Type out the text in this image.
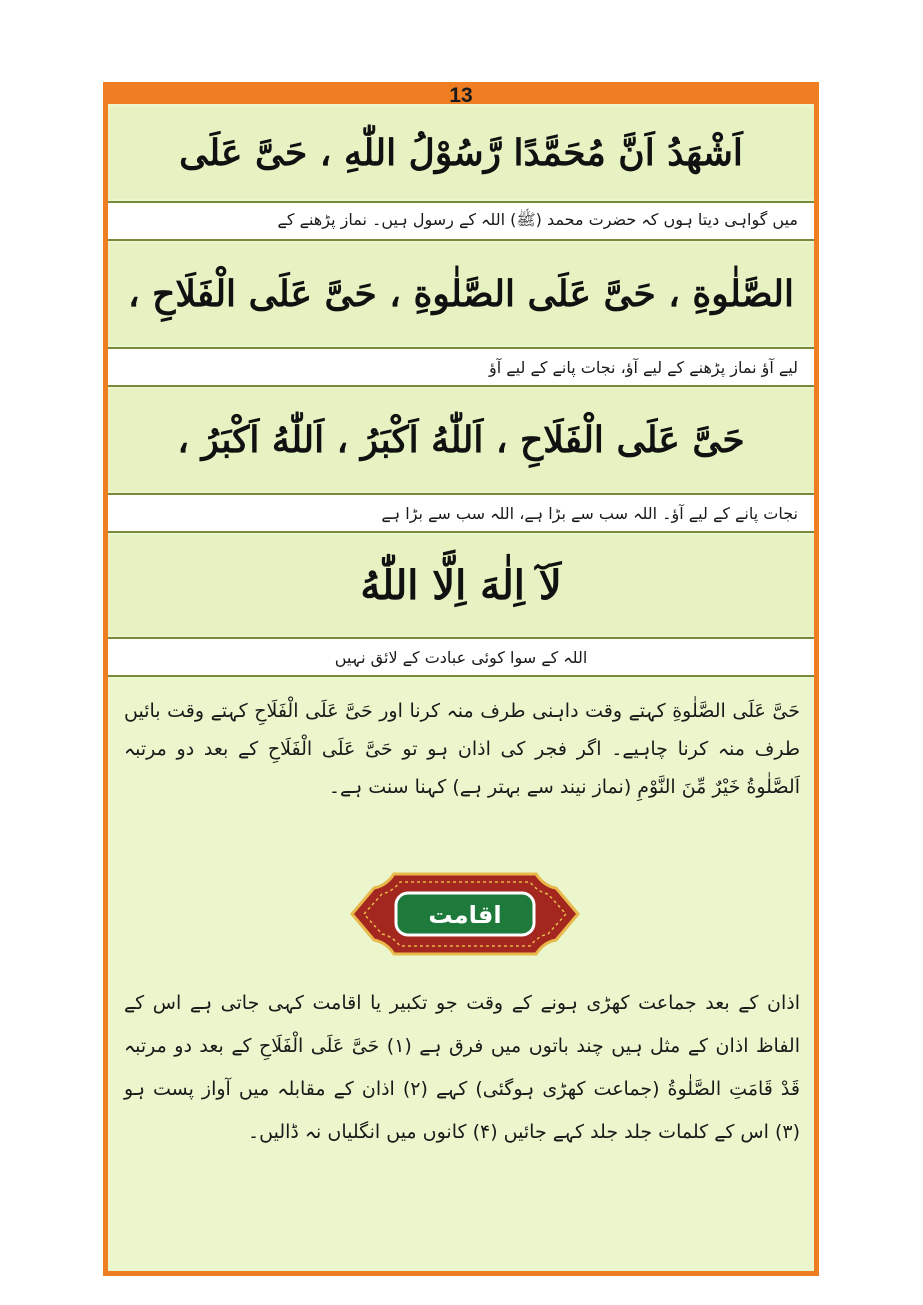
13
اَشْهَدُ اَنَّ مُحَمَّدًا رَّسُوْلُ اللّٰهِ ، حَیَّ عَلَی
میں گواہی دیتا ہوں کہ حضرت محمد (ﷺ) اللہ کے رسول ہیں۔ نماز پڑھنے کے
الصَّلٰوةِ ، حَیَّ عَلَی الصَّلٰوةِ ، حَیَّ عَلَی الْفَلَاحِ ،
لیے آؤ نماز پڑھنے کے لیے آؤ، نجات پانے کے لیے آؤ
حَیَّ عَلَی الْفَلَاحِ ، اَللّٰهُ اَکْبَرُ ، اَللّٰهُ اَکْبَرُ ،
نجات پانے کے لیے آؤ۔ اللہ سب سے بڑا ہے، اللہ سب سے بڑا ہے
لَآ اِلٰهَ اِلَّا اللّٰهُ
اللہ کے سوا کوئی عبادت کے لائق نہیں
حَیَّ عَلَی الصَّلٰوةِ کہتے وقت داہنی طرف منہ کرنا اور حَیَّ عَلَی الْفَلَاحِ کہتے وقت بائیں طرف منہ کرنا چاہیے۔ اگر فجر کی اذان ہو تو حَیَّ عَلَی الْفَلَاحِ کے بعد دو مرتبہ اَلصَّلٰوةُ خَیْرٌ مِّنَ النَّوْمِ (نماز نیند سے بہتر ہے) کہنا سنت ہے۔
اقامت
اذان کے بعد جماعت کھڑی ہونے کے وقت جو تکبیر یا اقامت کہی جاتی ہے اس کے الفاظ اذان کے مثل ہیں چند باتوں میں فرق ہے (۱) حَیَّ عَلَی الْفَلَاحِ کے بعد دو مرتبہ قَدْ قَامَتِ الصَّلٰوةُ (جماعت کھڑی ہوگئی) کہے (۲) اذان کے مقابلہ میں آواز پست ہو (۳) اس کے کلمات جلد جلد کہے جائیں (۴) کانوں میں انگلیاں نہ ڈالیں۔
